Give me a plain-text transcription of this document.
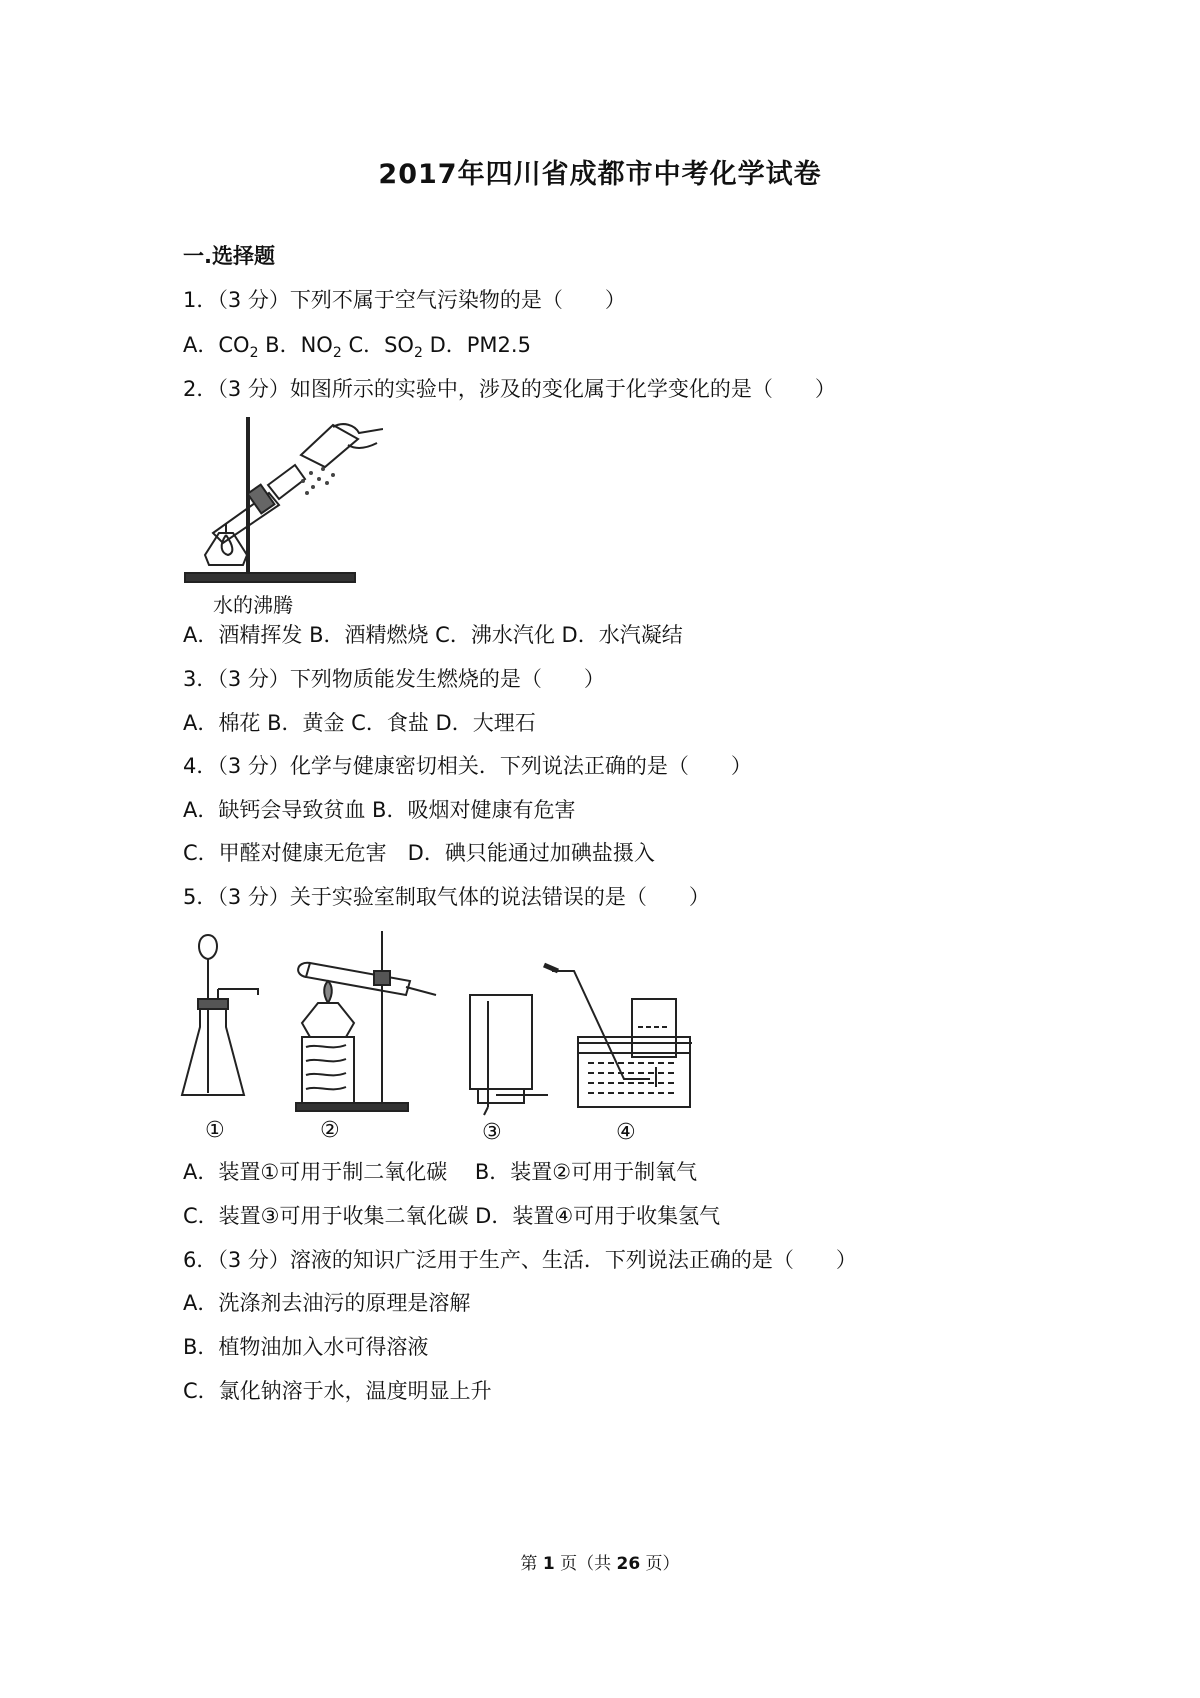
2017年四川省成都市中考化学试卷
一.选择题
1．（3 分）下列不属于空气污染物的是（　　）
A．$CO_2$ B．$NO_2$ C．$SO_2$ D．PM2.5
2．（3 分）如图所示的实验中，涉及的变化属于化学变化的是（　　）
水的沸腾
A．酒精挥发 B．酒精燃烧 C．沸水汽化 D．水汽凝结
3．（3 分）下列物质能发生燃烧的是（　　）
A．棉花 B．黄金 C．食盐 D．大理石
4．（3 分）化学与健康密切相关．下列说法正确的是（　　）
A．缺钙会导致贫血 B．吸烟对健康有危害
C．甲醛对健康无危害　D．碘只能通过加碘盐摄入
5．（3 分）关于实验室制取气体的说法错误的是（　　）
①	②	③	④
A．装置①可用于制二氧化碳　 B．装置②可用于制氧气
C．装置③可用于收集二氧化碳 D．装置④可用于收集氢气
6．（3 分）溶液的知识广泛用于生产、生活．下列说法正确的是（　　）
A．洗涤剂去油污的原理是溶解
B．植物油加入水可得溶液
C．氯化钠溶于水，温度明显上升
第 1 页（共 26 页）
